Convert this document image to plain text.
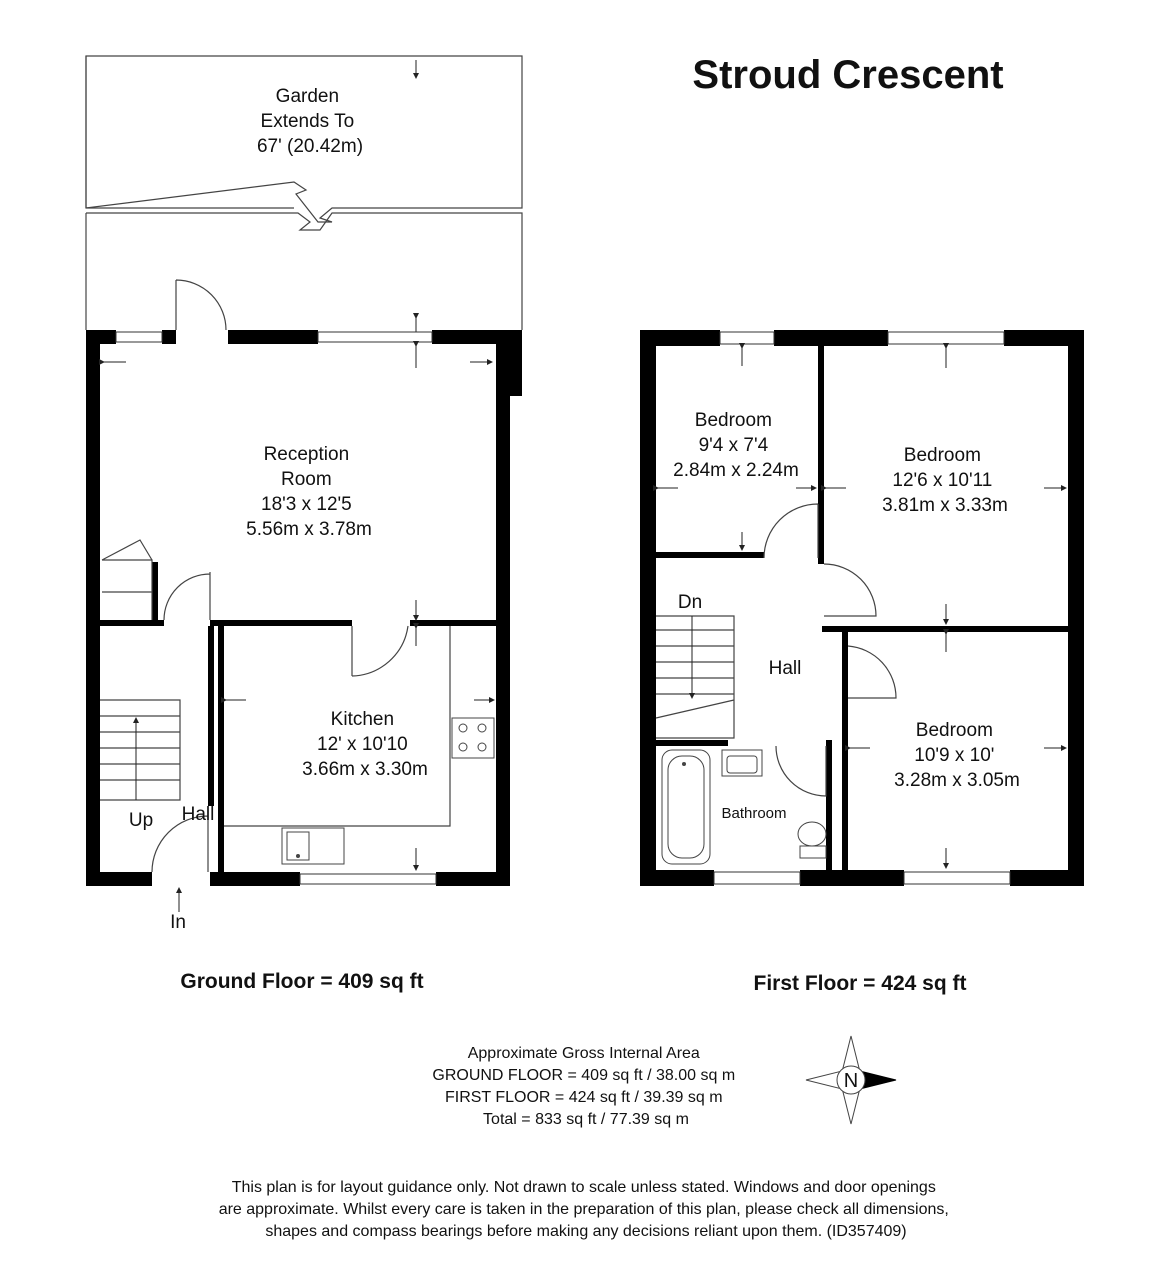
Stroud Crescent
Garden Extends To 67' (20.42m)
Reception Room 18'3 x 12'5 5.56m x 3.78m
Kitchen 12' x 10'10 3.66m x 3.30m
Hall
Up
In
Ground Floor = 409 sq ft
Bedroom 9'4 x 7'4 2.84m x 2.24m
Bedroom 12'6 x 10'11 3.81m x 3.33m
Bedroom 10'9 x 10' 3.28m x 3.05m
Hall
Dn
Bathroom
First Floor = 424 sq ft
Approximate Gross Internal Area GROUND FLOOR = 409 sq ft / 38.00 sq m FIRST FLOOR = 424 sq ft / 39.39 sq m Total = 833 sq ft / 77.39 sq m
N
This plan is for layout guidance only. Not drawn to scale unless stated. Windows and door openings are approximate. Whilst every care is taken in the preparation of this plan, please check all dimensions, shapes and compass bearings before making any decisions reliant upon them. (ID357409)
